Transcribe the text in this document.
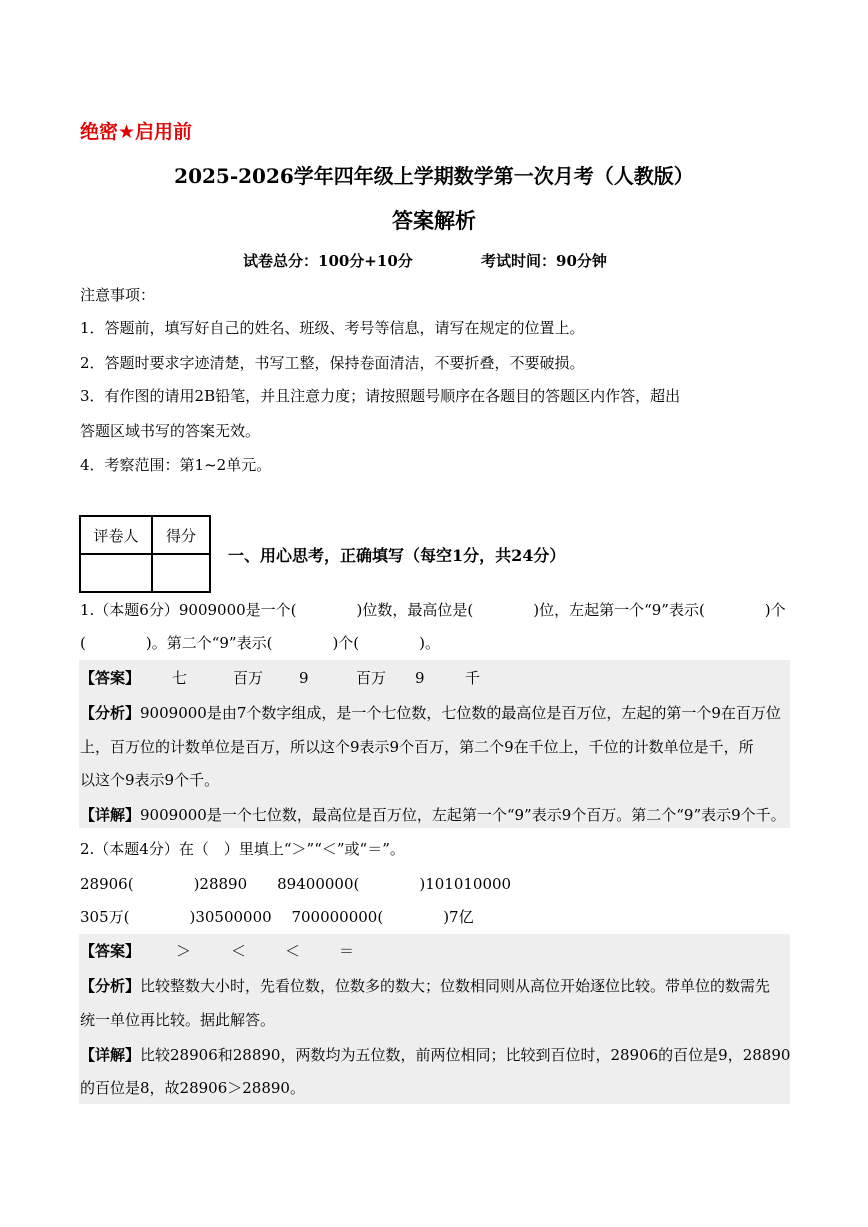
绝密★启用前
2025-2026学年四年级上学期数学第一次月考（人教版）
答案解析
试卷总分：100分+10分	考试时间：90分钟
注意事项：
1．答题前，填写好自己的姓名、班级、考号等信息，请写在规定的位置上。
2．答题时要求字迹清楚，书写工整，保持卷面清洁，不要折叠，不要破损。
3．有作图的请用2B铅笔，并且注意力度；请按照题号顺序在各题目的答题区内作答，超出
答题区域书写的答案无效。
4．考察范围：第1~2单元。
评卷人	得分

一、用心思考，正确填写（每空1分，共24分）
1.（本题6分）9009000是一个(　　　　)位数，最高位是(　　　　)位，左起第一个“9”表示(　　　　)个
(　　　　)。第二个“9”表示(　　　　)个(　　　　)。
【答案】 七	百万 9	百万 9	千
【分析】9009000是由7个数字组成，是一个七位数，七位数的最高位是百万位，左起的第一个9在百万位
上，百万位的计数单位是百万，所以这个9表示9个百万，第二个9在千位上，千位的计数单位是千，所
以这个9表示9个千。
【详解】9009000是一个七位数，最高位是百万位，左起第一个“9”表示9个百万。第二个“9”表示9个千。
2.（本题4分）在（　）里填上“＞”“＜”或“＝”。
28906(　　　　)28890　　89400000(　　　　)101010000
305万(　　　　)30500000　 700000000(　　　　)7亿
【答案】 ＞	＜	＜	＝
【分析】比较整数大小时，先看位数，位数多的数大；位数相同则从高位开始逐位比较。带单位的数需先
统一单位再比较。据此解答。
【详解】比较28906和28890，两数均为五位数，前两位相同；比较到百位时，28906的百位是9，28890
的百位是8，故28906＞28890。
